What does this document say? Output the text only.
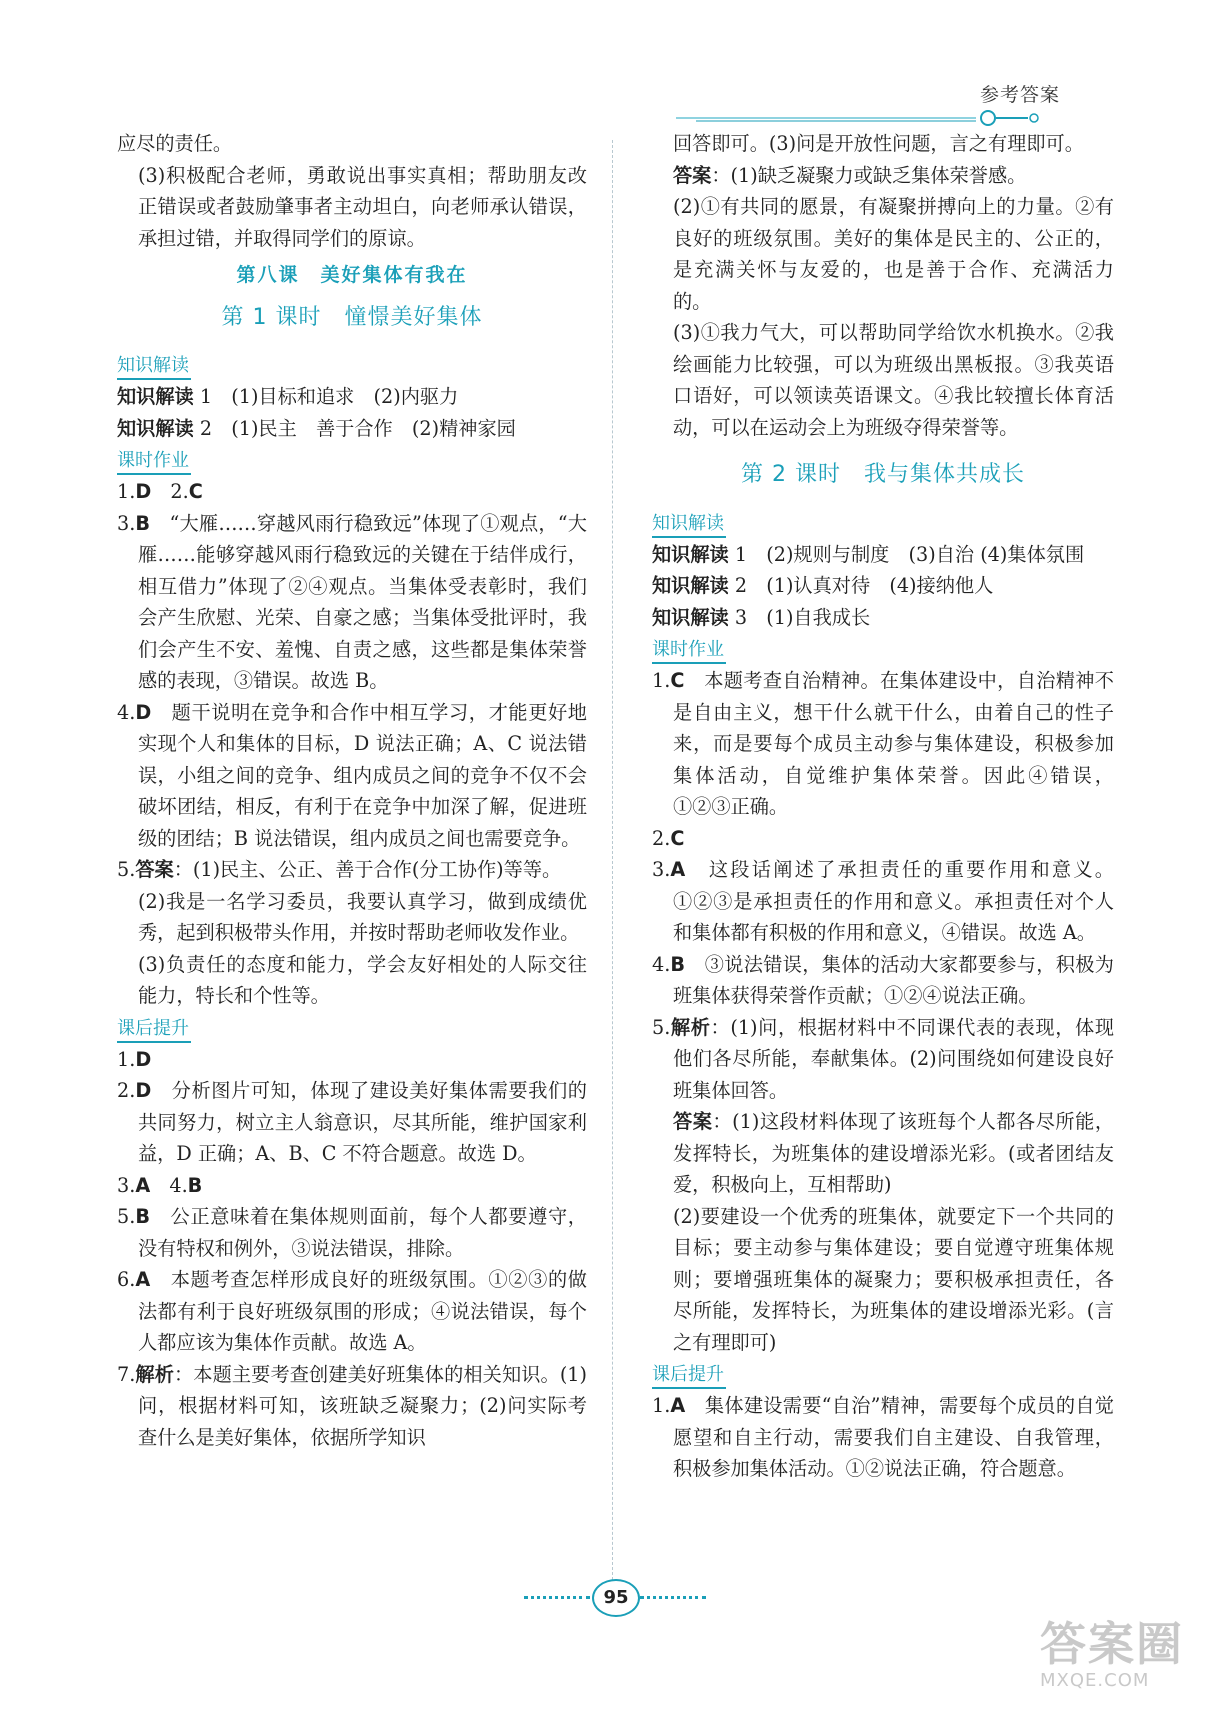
参考答案

应尽的责任。

(3)积极配合老师，勇敢说出事实真相；帮助朋友改正错误或者鼓励肇事者主动坦白，向老师承认错误，承担过错，并取得同学们的原谅。

第八课　美好集体有我在
第 1 课时　憧憬美好集体
知识解读

知识解读 1　(1)目标和追求　(2)内驱力

知识解读 2　(1)民主　善于合作　(2)精神家园

课时作业

1.D　2.C

3.B　“大雁……穿越风雨行稳致远”体现了①观点，“大雁……能够穿越风雨行稳致远的关键在于结伴成行，相互借力”体现了②④观点。当集体受表彰时，我们会产生欣慰、光荣、自豪之感；当集体受批评时，我们会产生不安、羞愧、自责之感，这些都是集体荣誉感的表现，③错误。故选 B。

4.D　题干说明在竞争和合作中相互学习，才能更好地实现个人和集体的目标，D 说法正确；A、C 说法错误，小组之间的竞争、组内成员之间的竞争不仅不会破坏团结，相反，有利于在竞争中加深了解，促进班级的团结；B 说法错误，组内成员之间也需要竞争。

5.答案：(1)民主、公正、善于合作(分工协作)等等。

(2)我是一名学习委员，我要认真学习，做到成绩优秀，起到积极带头作用，并按时帮助老师收发作业。

(3)负责任的态度和能力，学会友好相处的人际交往能力，特长和个性等。

课后提升

1.D

2.D　分析图片可知，体现了建设美好集体需要我们的共同努力，树立主人翁意识，尽其所能，维护国家利益，D 正确；A、B、C 不符合题意。故选 D。

3.A　4.B

5.B　公正意味着在集体规则面前，每个人都要遵守，没有特权和例外，③说法错误，排除。

6.A　本题考查怎样形成良好的班级氛围。①②③的做法都有利于良好班级氛围的形成；④说法错误，每个人都应该为集体作贡献。故选 A。

7.解析：本题主要考查创建美好班集体的相关知识。(1)问，根据材料可知，该班缺乏凝聚力；(2)问实际考查什么是美好集体，依据所学知识

回答即可。(3)问是开放性问题，言之有理即可。

答案：(1)缺乏凝聚力或缺乏集体荣誉感。

(2)①有共同的愿景，有凝聚拼搏向上的力量。②有良好的班级氛围。美好的集体是民主的、公正的，是充满关怀与友爱的，也是善于合作、充满活力的。

(3)①我力气大，可以帮助同学给饮水机换水。②我绘画能力比较强，可以为班级出黑板报。③我英语口语好，可以领读英语课文。④我比较擅长体育活动，可以在运动会上为班级夺得荣誉等。

第 2 课时　我与集体共成长
知识解读

知识解读 1　(2)规则与制度　(3)自治 (4)集体氛围

知识解读 2　(1)认真对待　(4)接纳他人

知识解读 3　(1)自我成长

课时作业

1.C　本题考查自治精神。在集体建设中，自治精神不是自由主义，想干什么就干什么，由着自己的性子来，而是要每个成员主动参与集体建设，积极参加集体活动，自觉维护集体荣誉。因此④错误，①②③正确。

2.C

3.A　这段话阐述了承担责任的重要作用和意义。①②③是承担责任的作用和意义。承担责任对个人和集体都有积极的作用和意义，④错误。故选 A。

4.B　③说法错误，集体的活动大家都要参与，积极为班集体获得荣誉作贡献；①②④说法正确。

5.解析：(1)问，根据材料中不同课代表的表现，体现他们各尽所能，奉献集体。(2)问围绕如何建设良好班集体回答。

答案：(1)这段材料体现了该班每个人都各尽所能，发挥特长，为班集体的建设增添光彩。(或者团结友爱，积极向上，互相帮助)

(2)要建设一个优秀的班集体，就要定下一个共同的目标；要主动参与集体建设；要自觉遵守班集体规则；要增强班集体的凝聚力；要积极承担责任，各尽所能，发挥特长，为班集体的建设增添光彩。(言之有理即可)

课后提升

1.A　集体建设需要“自治”精神，需要每个成员的自觉愿望和自主行动，需要我们自主建设、自我管理，积极参加集体活动。①②说法正确，符合题意。

95
答案圈
MXQE.COM
